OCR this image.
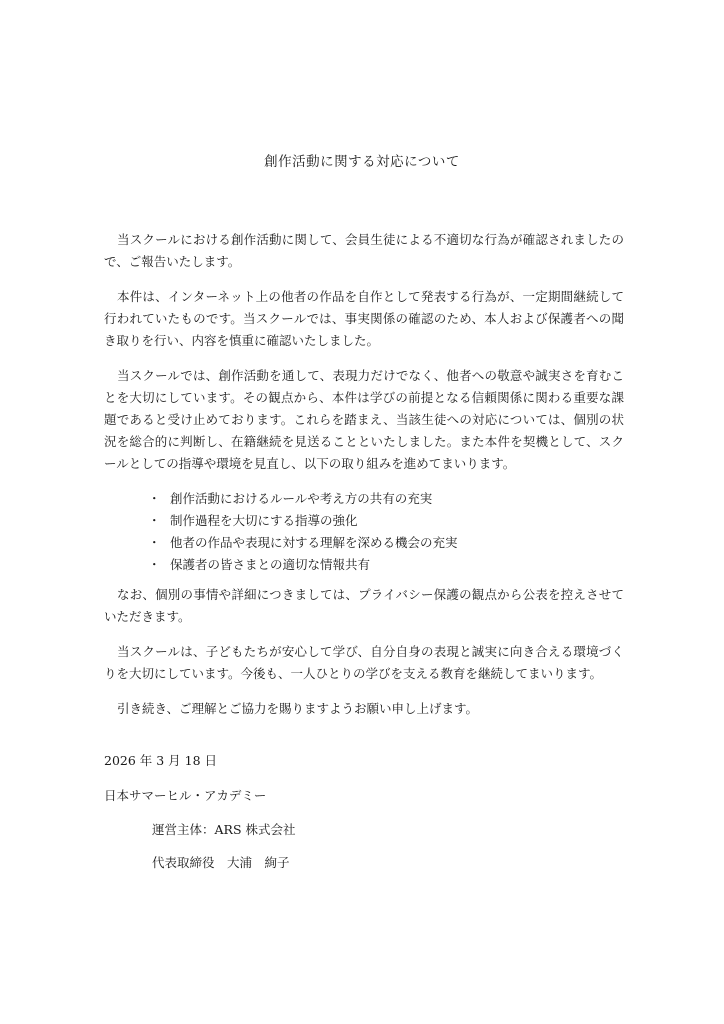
創作活動に関する対応について

当スクールにおける創作活動に関して、会員生徒による不適切な行為が確認されましたので、ご報告いたします。

本件は、インターネット上の他者の作品を自作として発表する行為が、一定期間継続して行われていたものです。当スクールでは、事実関係の確認のため、本人および保護者への聞き取りを行い、内容を慎重に確認いたしました。

当スクールでは、創作活動を通して、表現力だけでなく、他者への敬意や誠実さを育むことを大切にしています。その観点から、本件は学びの前提となる信頼関係に関わる重要な課題であると受け止めております。これらを踏まえ、当該生徒への対応については、個別の状況を総合的に判断し、在籍継続を見送ることといたしました。また本件を契機として、スクールとしての指導や環境を見直し、以下の取り組みを進めてまいります。

・ 創作活動におけるルールや考え方の共有の充実
・ 制作過程を大切にする指導の強化
・ 他者の作品や表現に対する理解を深める機会の充実
・ 保護者の皆さまとの適切な情報共有

なお、個別の事情や詳細につきましては、プライバシー保護の観点から公表を控えさせていただきます。

当スクールは、子どもたちが安心して学び、自分自身の表現と誠実に向き合える環境づくりを大切にしています。今後も、一人ひとりの学びを支える教育を継続してまいります。

引き続き、ご理解とご協力を賜りますようお願い申し上げます。

2026 年 3 月 18 日
日本サマーヒル・アカデミー
運営主体：ARS 株式会社
代表取締役　大浦　絢子
